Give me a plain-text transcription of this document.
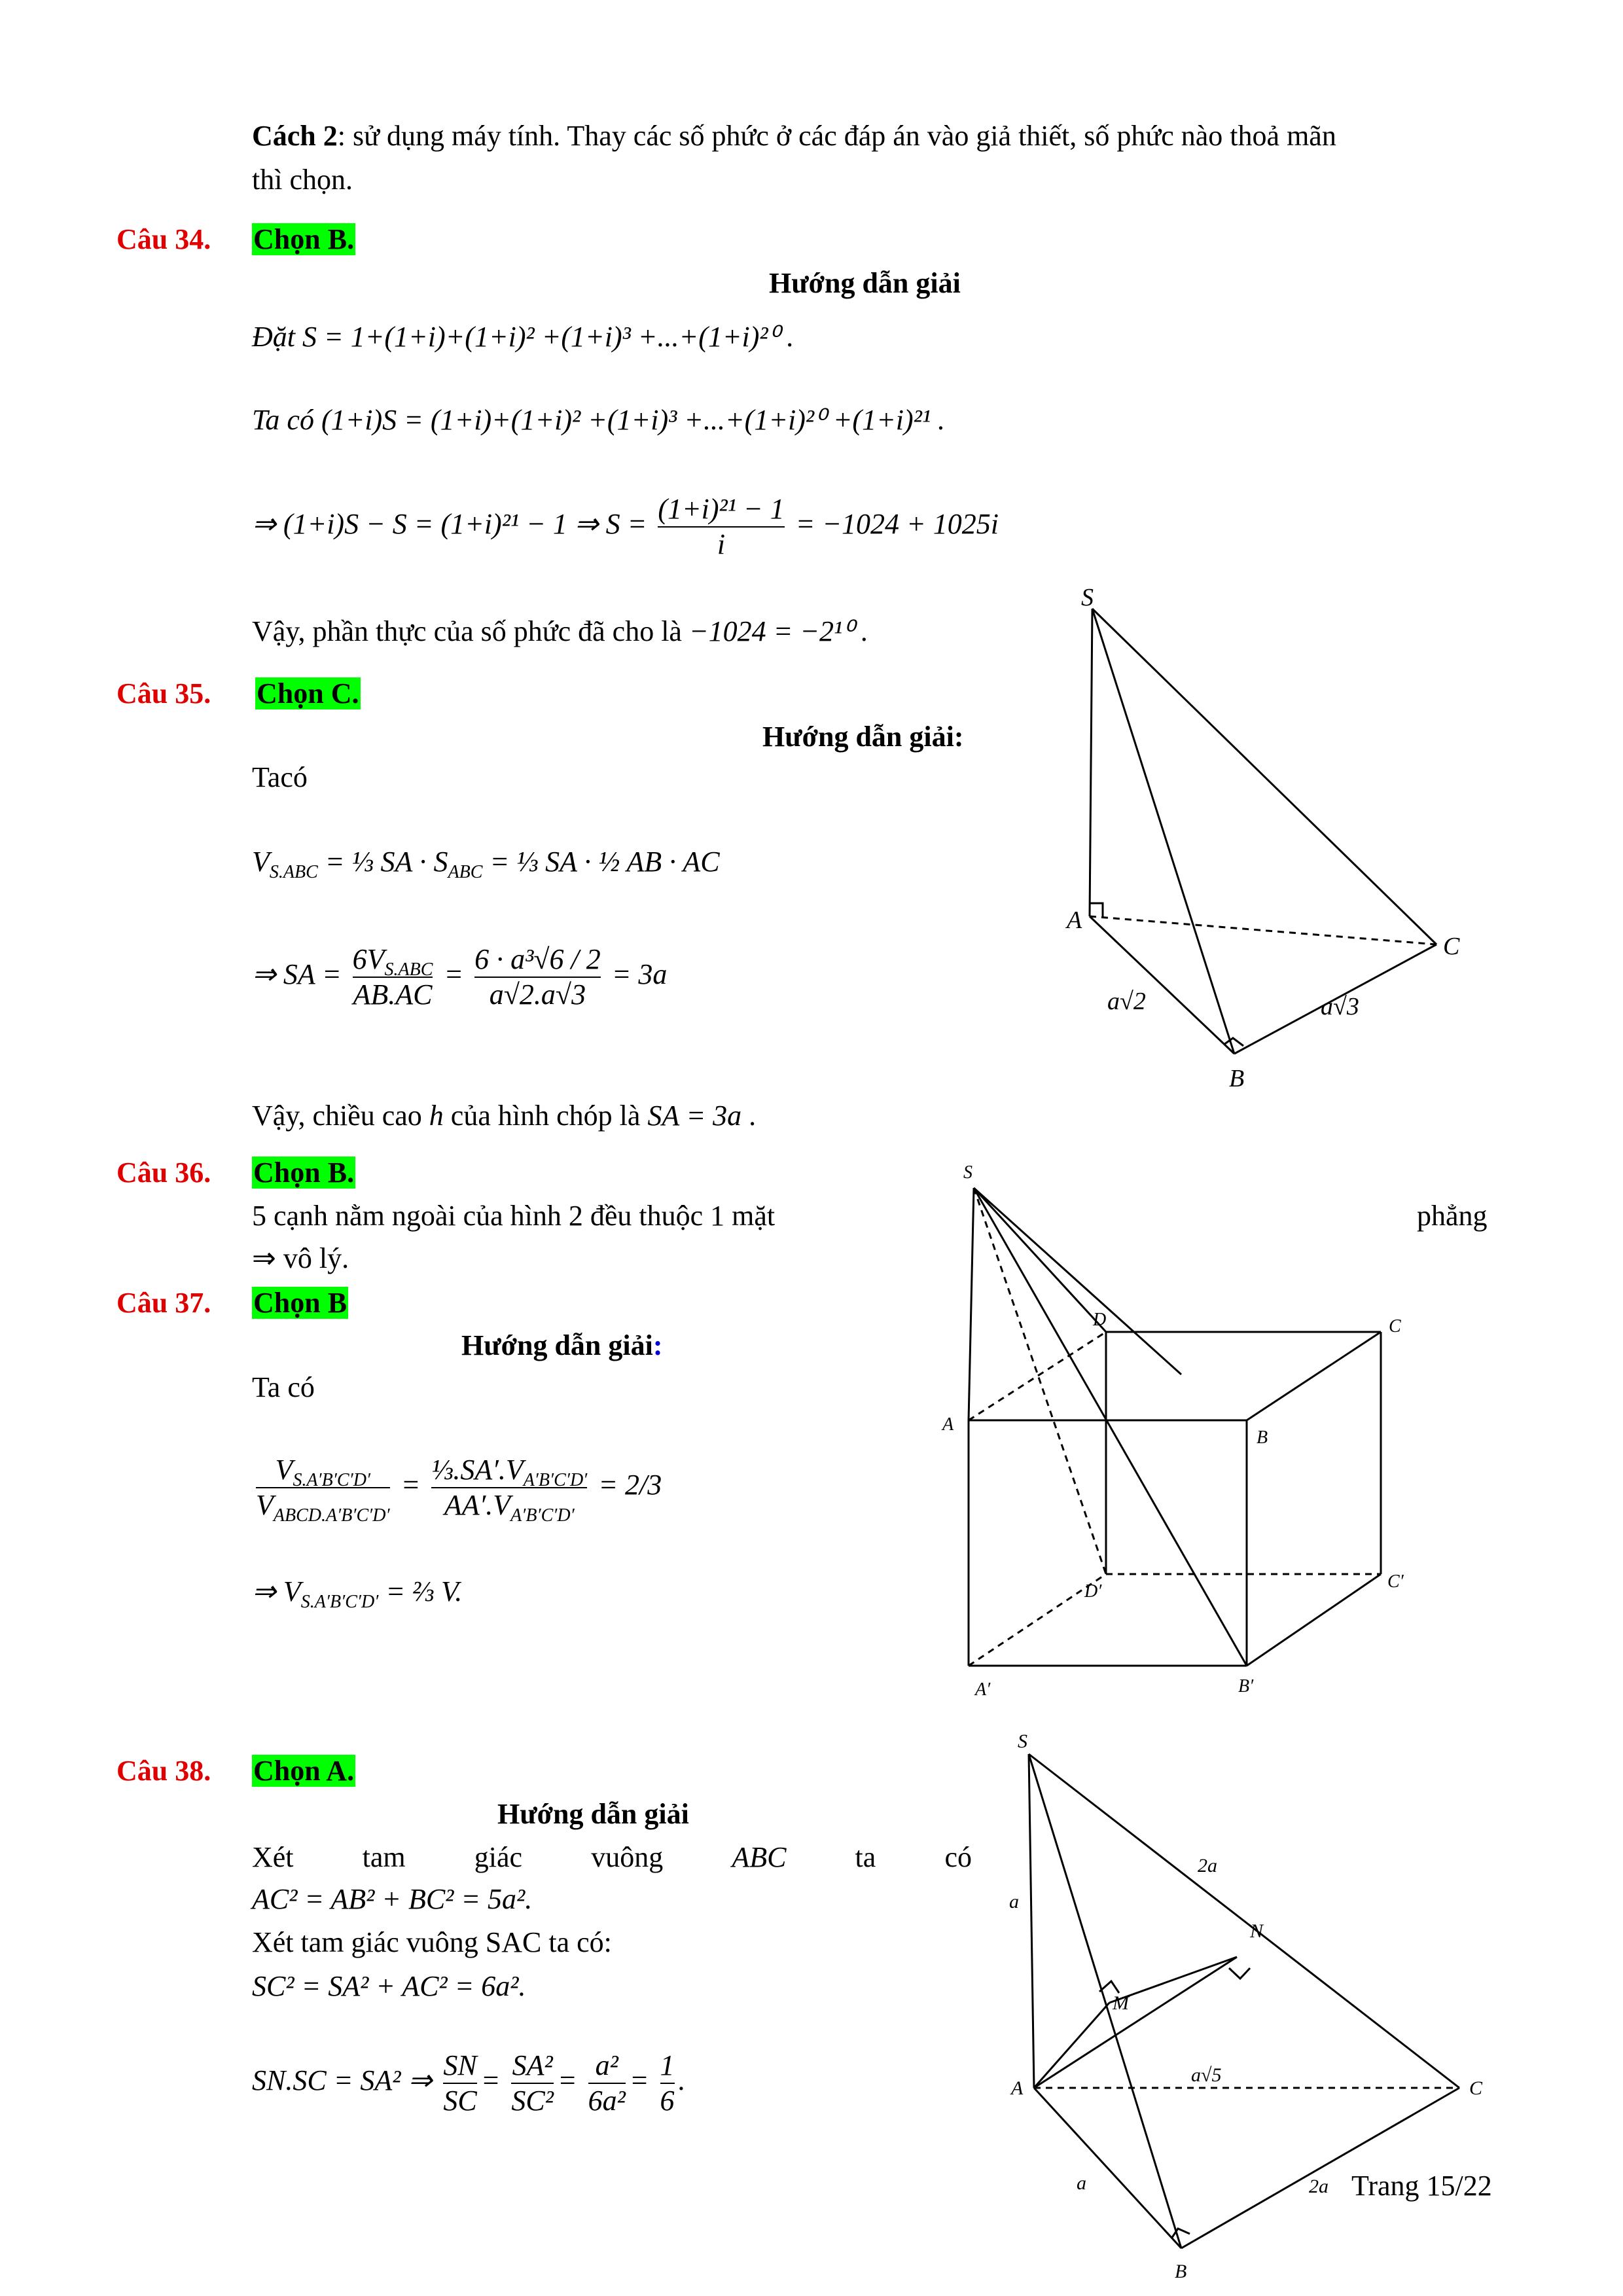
Cách 2: sử dụng máy tính. Thay các số phức ở các đáp án vào giả thiết, số phức nào thoả mãn
thì chọn.
Câu 34. Chọn B.
Hướng dẫn giải
Đặt S = 1+(1+i)+(1+i)² +(1+i)³ +...+(1+i)²⁰ .
Ta có (1+i)S = (1+i)+(1+i)² +(1+i)³ +...+(1+i)²⁰ +(1+i)²¹ .
⇒ (1+i)S − S = (1+i)²¹ − 1 ⇒ $S = \frac{\text{(1+i)²¹ − 1}}{i} = -1024 + 1025i$
Vậy, phần thực của số phức đã cho là −1024 = −2¹⁰ .
Câu 35. Chọn C.
Hướng dẫn giải:
Tacó
$V_{S.ABC}$ = ⅓ SA · $S_{ABC}$ = ⅓ SA · ½ AB · AC
⇒ SA = $\frac{6V_{S.ABC}}{AB.AC} = \frac{\text{6 · a³√6 / 2}}{a√2.a√3} = 3a$
Vậy, chiều cao h của hình chóp là SA = 3a .
S
A
C
B
a√2	a√3
Câu 36. Chọn B.
5 cạnh nằm ngoài của hình 2 đều thuộc 1 mặt	phẳng
⇒ vô lý.
Câu 37. Chọn B
Hướng dẫn giải:
Ta có
$\frac{V_{S.A'B'C'D'}}{V_{ABCD.A'B'C'D'}} = \frac{\frac{1}{3}.SA'.V_{A'B'C'D'}}{AA'.V_{A'B'C'D'}} = 2/3$
⇒ $V_{S.A'B'C'D'}$ = ⅔ V.
S
A
B
D	C
D′	C′
A′	B′
Câu 38. Chọn A.
Hướng dẫn giải
Xét tam giác vuông ABC ta có
AC² = AB² + BC² = 5a².
Xét tam giác vuông SAC ta có:
SC² = SA² + AC² = 6a².
SN.SC = SA² ⇒ $\frac{SN}{SC} = \frac{\text{SA²}}{\text{SC²}} = \frac{\text{a²}}{\text{6a²}} = \frac{1}{6}$ .
S
A	C
B
N
M
a
2a
a√5
a	2a Trang 15/22
